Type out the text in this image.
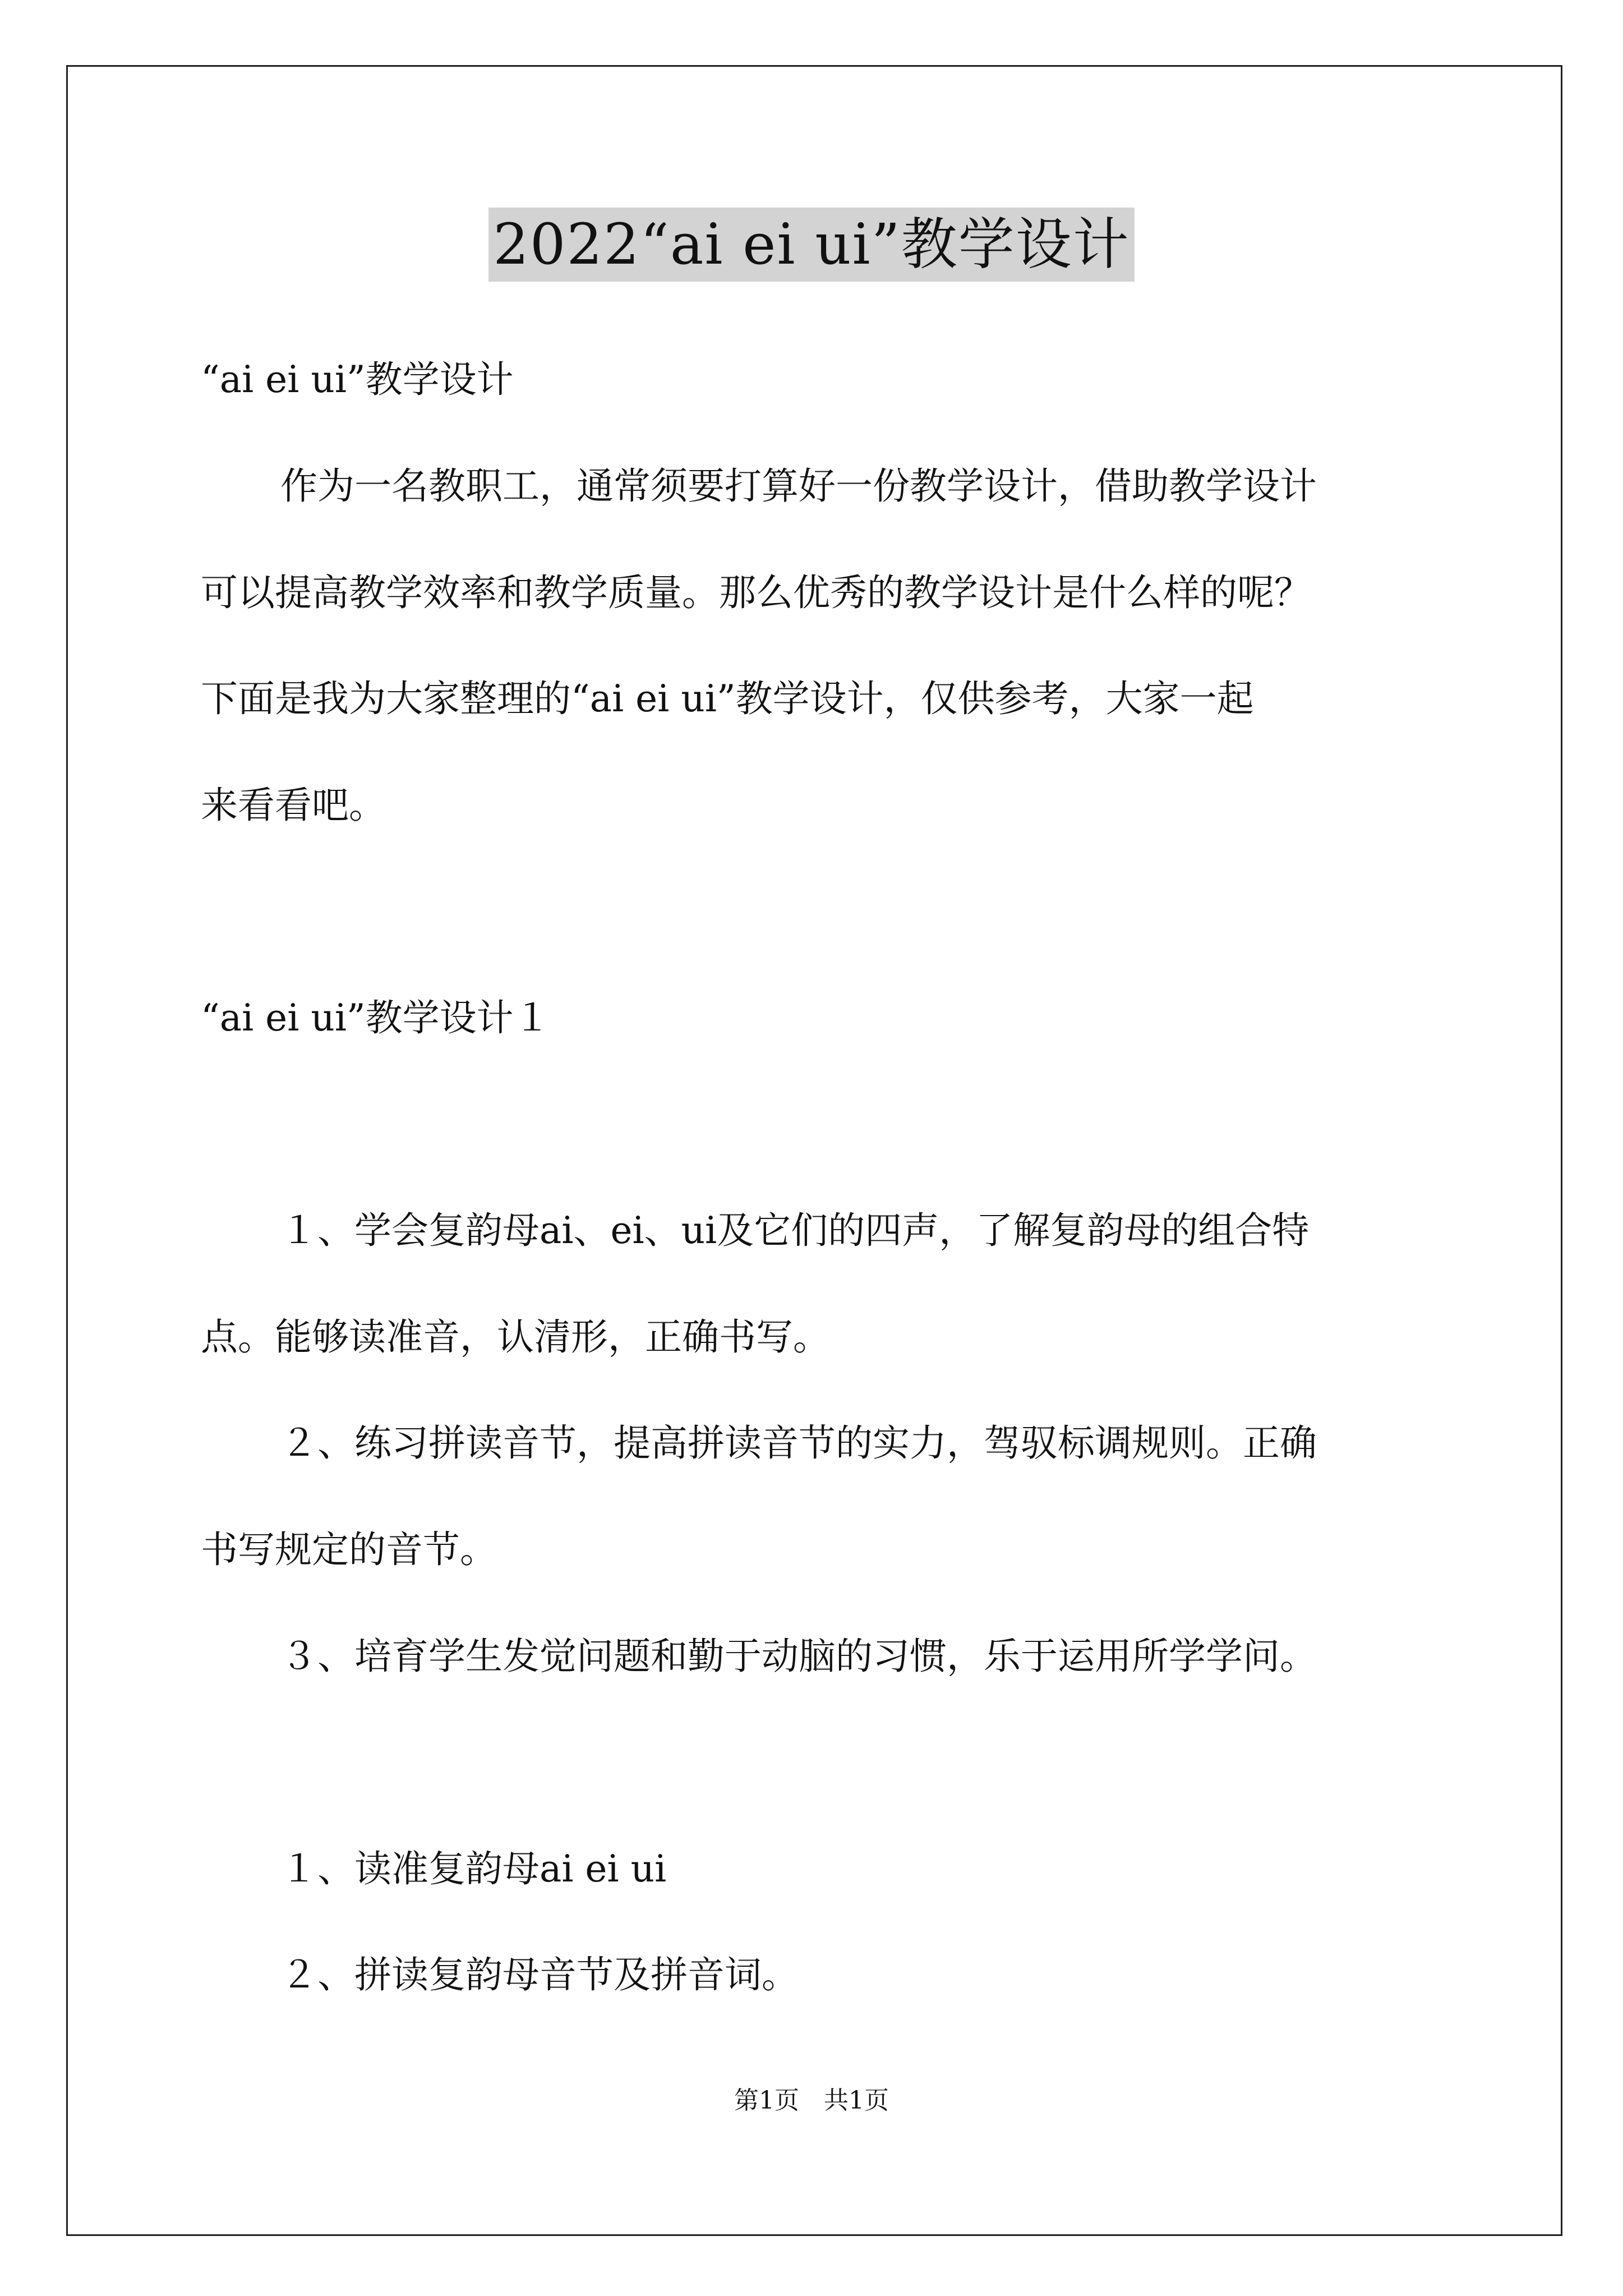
2022“ai ei ui”教学设计
“ai ei ui”教学设计
作为一名教职工，通常须要打算好一份教学设计，借助教学设计
可以提高教学效率和教学质量。那么优秀的教学设计是什么样的呢？
下面是我为大家整理的“ai ei ui”教学设计，仅供参考，大家一起
来看看吧。
“ai ei ui”教学设计１
１、学会复韵母ai、ei、ui及它们的四声，了解复韵母的组合特
点。能够读准音，认清形，正确书写。
２、练习拼读音节，提高拼读音节的实力，驾驭标调规则。正确
书写规定的音节。
３、培育学生发觉问题和勤于动脑的习惯，乐于运用所学学问。
１、读准复韵母ai ei ui
２、拼读复韵母音节及拼音词。
第1页　共1页
